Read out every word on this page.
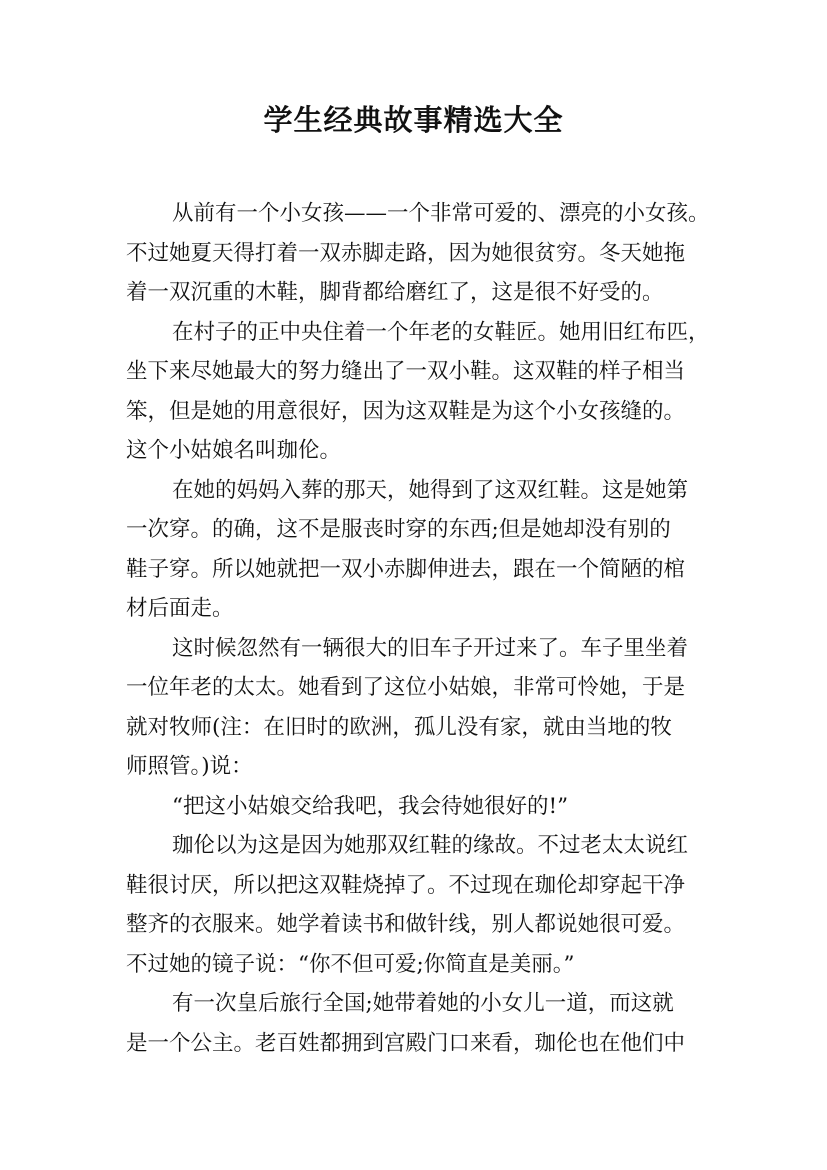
学生经典故事精选大全
从前有一个小女孩——一个非常可爱的、漂亮的小女孩。
不过她夏天得打着一双赤脚走路，因为她很贫穷。冬天她拖
着一双沉重的木鞋，脚背都给磨红了，这是很不好受的。
在村子的正中央住着一个年老的女鞋匠。她用旧红布匹，
坐下来尽她最大的努力缝出了一双小鞋。这双鞋的样子相当
笨，但是她的用意很好，因为这双鞋是为这个小女孩缝的。
这个小姑娘名叫珈伦。
在她的妈妈入葬的那天，她得到了这双红鞋。这是她第
一次穿。的确，这不是服丧时穿的东西;但是她却没有别的
鞋子穿。所以她就把一双小赤脚伸进去，跟在一个简陋的棺
材后面走。
这时候忽然有一辆很大的旧车子开过来了。车子里坐着
一位年老的太太。她看到了这位小姑娘，非常可怜她，于是
就对牧师(注：在旧时的欧洲，孤儿没有家，就由当地的牧
师照管。)说：
“把这小姑娘交给我吧，我会待她很好的!”
珈伦以为这是因为她那双红鞋的缘故。不过老太太说红
鞋很讨厌，所以把这双鞋烧掉了。不过现在珈伦却穿起干净
整齐的衣服来。她学着读书和做针线，别人都说她很可爱。
不过她的镜子说：“你不但可爱;你简直是美丽。”
有一次皇后旅行全国;她带着她的小女儿一道，而这就
是一个公主。老百姓都拥到宫殿门口来看，珈伦也在他们中
